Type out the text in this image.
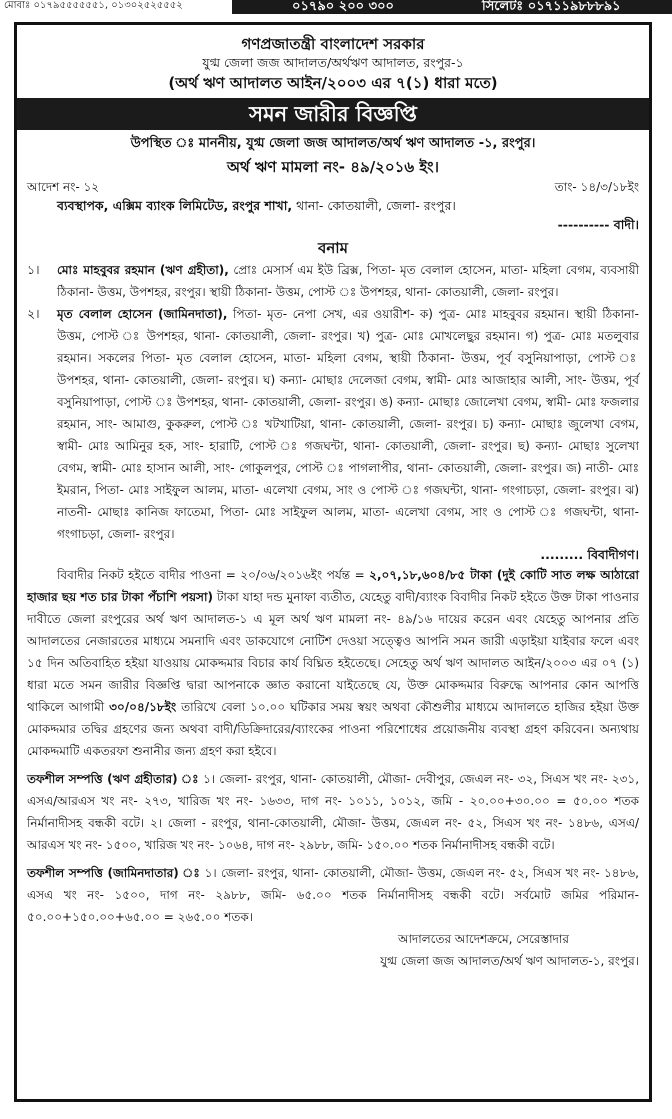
মোবাঃ ০১৭৯৫৫৫৫৫৫১, ০১৩০২৫২৫৫৫২	০১৭৯০ ২০০ ৩০০	সিলেটঃ ০১৭১১৯৮৮৮৯১
গণপ্রজাতন্ত্রী বাংলাদেশ সরকার
যুগ্ম জেলা জজ আদালত/অর্থঋণ আদালত, রংপুর-১
(অর্থ ঋণ আদালত আইন/২০০৩ এর ৭(১) ধারা মতে)
সমন জারীর বিজ্ঞপ্তি
উপস্থিত ঃ মাননীয়, যুগ্ম জেলা জজ আদালত/অর্থ ঋণ আদালত -১, রংপুর।
অর্থ ঋণ মামলা নং- ৪৯/২০১৬ ইং।
আদেশ নং- ১২	তাং- ১৪/৩/১৮ইং
ব্যবস্থাপক, এক্সিম ব্যাংক লিমিটেড, রংপুর শাখা, থানা- কোতয়ালী, জেলা- রংপুর।
---------- বাদী।
বনাম
১।	মোঃ মাহবুবর রহমান (ঋণ গ্রহীতা), প্রোঃ মেসার্স এম ইউ ব্রিক্স, পিতা- মৃত বেলাল হোসেন, মাতা- মহিলা বেগম, ব্যবসায়ী ঠিকানা- উত্তম, উপশহর, রংপুর। স্থায়ী ঠিকানা- উত্তম, পোস্ট ঃ উপশহর, থানা- কোতয়ালী, জেলা- রংপুর।
২।	মৃত বেলাল হোসেন (জামিনদাতা), পিতা- মৃত- নেপা সেখ, এর ওয়ারীশ- ক) পুত্র- মোঃ মাহবুবর রহমান। স্থায়ী ঠিকানা- উত্তম, পোস্ট ঃ উপশহর, থানা- কোতয়ালী, জেলা- রংপুর। খ) পুত্র- মোঃ মোখলেছুর রহমান। গ) পুত্র- মোঃ মতলুবার রহমান। সকলের পিতা- মৃত বেলাল হোসেন, মাতা- মহিলা বেগম, স্থায়ী ঠিকানা- উত্তম, পূর্ব বসুনিয়াপাড়া, পোস্ট ঃ উপশহর, থানা- কোতয়ালী, জেলা- রংপুর। ঘ) কন্যা- মোছাঃ দেলেজা বেগম, স্বামী- মোঃ আজাহার আলী, সাং- উত্তম, পূর্ব বসুনিয়াপাড়া, পোস্ট ঃ উপশহর, থানা- কোতয়ালী, জেলা- রংপুর। ঙ) কন্যা- মোছাঃ জোলেখা বেগম, স্বামী- মোঃ ফজলার রহমান, সাং- আমাগু, কুকরুল, পোস্ট ঃ খটখাটিয়া, থানা- কোতয়ালী, জেলা- রংপুর। চ) কন্যা- মোছাঃ জুলেখা বেগম, স্বামী- মোঃ আমিনুর হক, সাং- হারাটি, পোস্ট ঃ গজঘন্টা, থানা- কোতয়ালী, জেলা- রংপুর। ছ) কন্যা- মোছাঃ সুলেখা বেগম, স্বামী- মোঃ হাসান আলী, সাং- গোকুলপুর, পোস্ট ঃ পাগলাপীর, থানা- কোতয়ালী, জেলা- রংপুর। জ) নাতী- মোঃ ইমরান, পিতা- মোঃ সাইফুল আলম, মাতা- এলেখা বেগম, সাং ও পোস্ট ঃ গজঘন্টা, থানা- গংগাচড়া, জেলা- রংপুর। ঝ) নাতনী- মোছাঃ কানিজ ফাতেমা, পিতা- মোঃ সাইফুল আলম, মাতা- এলেখা বেগম, সাং ও পোস্ট ঃ গজঘন্টা, থানা- গংগাচড়া, জেলা- রংপুর।
......... বিবাদীগণ।
বিবাদীর নিকট হইতে বাদীর পাওনা = ২০/০৬/২০১৬ইং পর্যন্ত = ২,০৭,১৮,৬০৪/৮৫ টাকা (দুই কোটি সাত লক্ষ আঠারো হাজার ছয় শত চার টাকা পঁচাশি পয়সা) টাকা যাহা দন্ড মুনাফা ব্যতীত, যেহেতু বাদী/ব্যাংক বিবাদীর নিকট হইতে উক্ত টাকা পাওনার দাবীতে জেলা রংপুরের অর্থ ঋণ আদালত-১ এ মূল অর্থ ঋণ মামলা নং- ৪৯/১৬ দায়ের করেন এবং যেহেতু আপনার প্রতি আদালতের নেজারতের মাধ্যমে সমনাদি এবং ডাকযোগে নোটিশ দেওয়া সত্ত্বেও আপনি সমন জারী এড়াইয়া যাইবার ফলে এবং ১৫ দিন অতিবাহিত হইয়া যাওয়ায় মোকদ্দমার বিচার কার্য বিঘ্নিত হইতেছে। সেহেতু অর্থ ঋণ আদালত আইন/২০০৩ এর ০৭ (১) ধারা মতে সমন জারীর বিজ্ঞপ্তি দ্বারা আপনাকে জ্ঞাত করানো যাইতেছে যে, উক্ত মোকদ্দমার বিরুদ্ধে আপনার কোন আপত্তি থাকিলে আগামী ৩০/০৪/১৮ইং তারিখে বেলা ১০.০০ ঘটিকার সময় স্বয়ং অথবা কৌশুলীর মাধ্যমে আদালতে হাজির হইয়া উক্ত মোকদ্দমার তদ্বির গ্রহণের জন্য অথবা বাদী/ডিক্রিদারের/ব্যাংকের পাওনা পরিশোধের প্রয়োজনীয় ব্যবস্থা গ্রহণ করিবেন। অন্যথায় মোকদ্দমাটি একতরফা শুনানীর জন্য গ্রহণ করা হইবে।
তফশীল সম্পত্তি (ঋণ গ্রহীতার) ঃ ১। জেলা- রংপুর, থানা- কোতয়ালী, মৌজা- দেবীপুর, জেএল নং- ৩২, সিএস খং নং- ২৩১, এসএ/আরএস খং নং- ২৭৩, খারিজ খং নং- ১৬৩৩, দাগ নং- ১০১১, ১০১২, জমি - ২০.০০+৩০.০০ = ৫০.০০ শতক নির্মানাদীসহ বন্ধকী বটে। ২। জেলা - রংপুর, থানা-কোতয়ালী, মৌজা- উত্তম, জেএল নং- ৫২, সিএস খং নং- ১৪৮৬, এসএ/আরএস খং নং- ১৫০০, খারিজ খং নং- ১০৬৪, দাগ নং- ২৯৮৮, জমি- ১৫০.০০ শতক নির্মানাদীসহ বন্ধকী বটে।
তফশীল সম্পত্তি (জামিনদাতার) ঃ ১। জেলা- রংপুর, থানা- কোতয়ালী, মৌজা- উত্তম, জেএল নং- ৫২, সিএস খং নং- ১৪৮৬, এসএ খং নং- ১৫০০, দাগ নং- ২৯৮৮, জমি- ৬৫.০০ শতক নির্মানাদীসহ বন্ধকী বটে। সর্বমোট জমির পরিমান- ৫০.০০+১৫০.০০+৬৫.০০ = ২৬৫.০০ শতক।
আদালতের আদেশক্রমে, সেরেস্তাদার
যুগ্ম জেলা জজ আদালত/অর্থ ঋণ আদালত-১, রংপুর।
